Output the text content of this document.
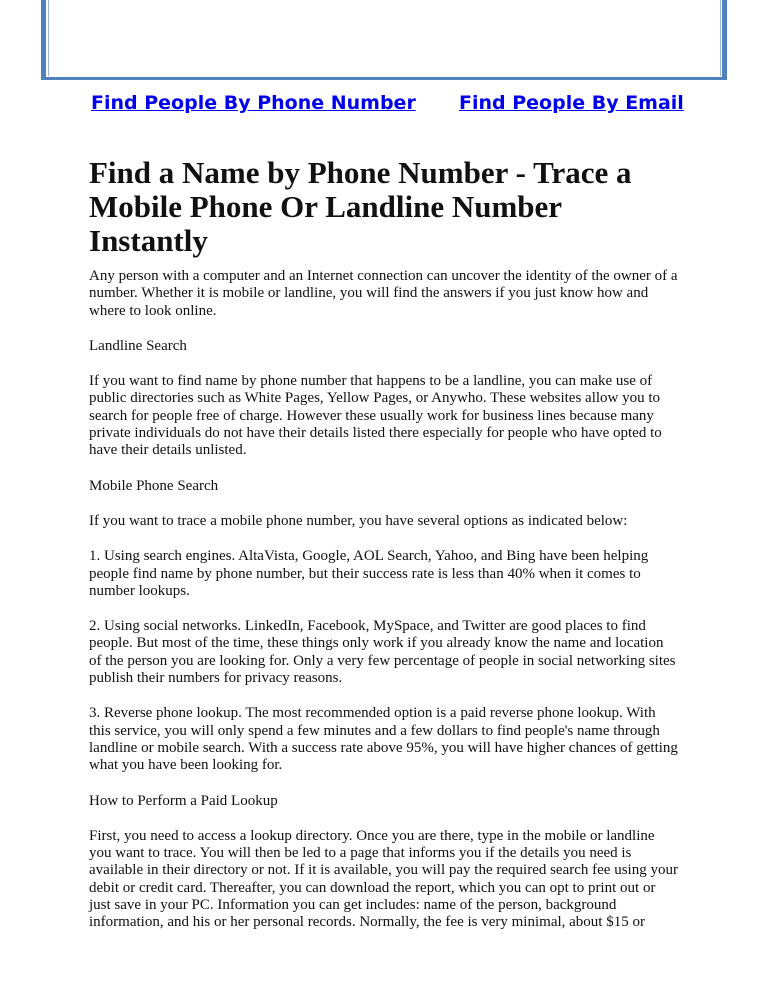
Find People By Phone Number Find People By Email
Find a Name by Phone Number - Trace a Mobile Phone Or Landline Number Instantly

Any person with a computer and an Internet connection can uncover the identity of the owner of a number. Whether it is mobile or landline, you will find the answers if you just know how and where to look online.

Landline Search

If you want to find name by phone number that happens to be a landline, you can make use of public directories such as White Pages, Yellow Pages, or Anywho. These websites allow you to search for people free of charge. However these usually work for business lines because many private individuals do not have their details listed there especially for people who have opted to have their details unlisted.

Mobile Phone Search

If you want to trace a mobile phone number, you have several options as indicated below:

1. Using search engines. AltaVista, Google, AOL Search, Yahoo, and Bing have been helping people find name by phone number, but their success rate is less than 40% when it comes to number lookups.

2. Using social networks. LinkedIn, Facebook, MySpace, and Twitter are good places to find people. But most of the time, these things only work if you already know the name and location of the person you are looking for. Only a very few percentage of people in social networking sites publish their numbers for privacy reasons.

3. Reverse phone lookup. The most recommended option is a paid reverse phone lookup. With this service, you will only spend a few minutes and a few dollars to find people's name through landline or mobile search. With a success rate above 95%, you will have higher chances of getting what you have been looking for.

How to Perform a Paid Lookup

First, you need to access a lookup directory. Once you are there, type in the mobile or landline you want to trace. You will then be led to a page that informs you if the details you need is available in their directory or not. If it is available, you will pay the required search fee using your debit or credit card. Thereafter, you can download the report, which you can opt to print out or just save in your PC. Information you can get includes: name of the person, background information, and his or her personal records. Normally, the fee is very minimal, about $15 or
